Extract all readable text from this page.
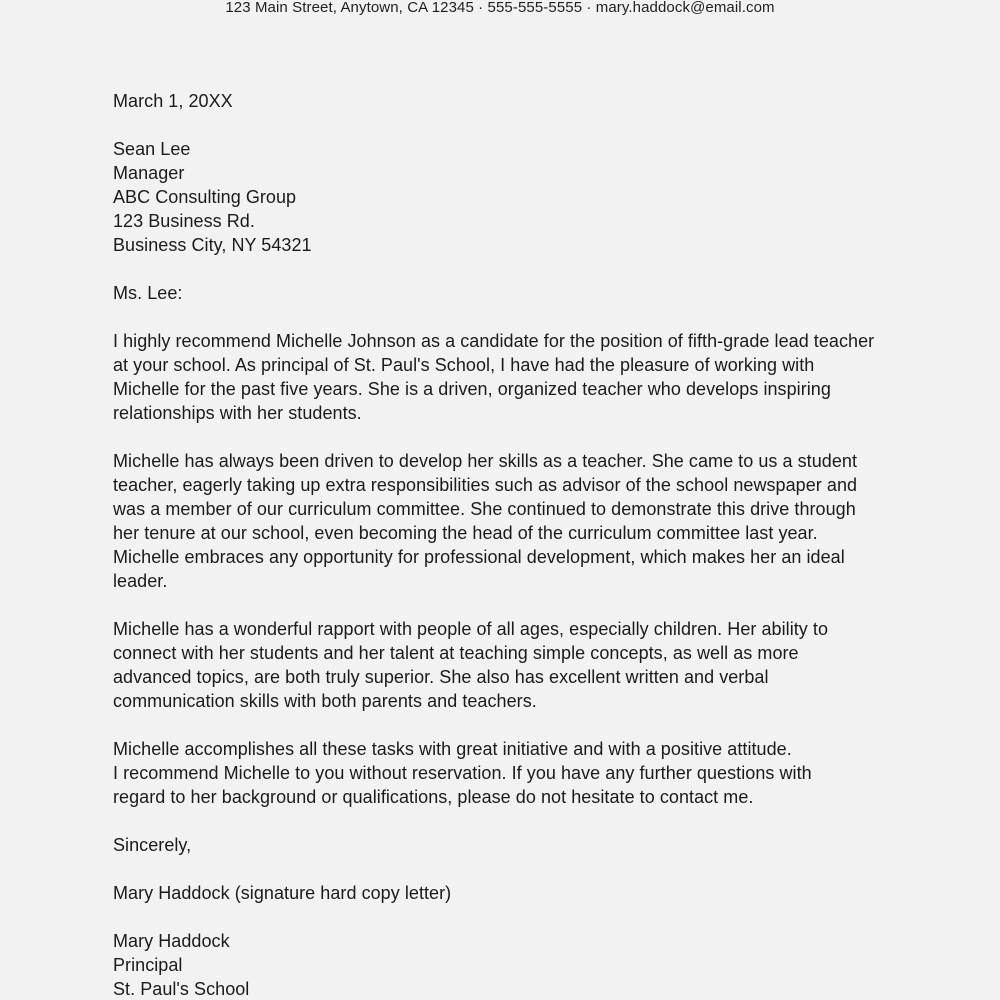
123 Main Street, Anytown, CA 12345 · 555-555-5555 · mary.haddock@email.com
March 1, 20XX
Sean Lee
Manager
ABC Consulting Group
123 Business Rd.
Business City, NY 54321
Ms. Lee:
I highly recommend Michelle Johnson as a candidate for the position of fifth-grade lead teacher
at your school. As principal of St. Paul's School, I have had the pleasure of working with
Michelle for the past five years. She is a driven, organized teacher who develops inspiring
relationships with her students.
Michelle has always been driven to develop her skills as a teacher. She came to us a student
teacher, eagerly taking up extra responsibilities such as advisor of the school newspaper and
was a member of our curriculum committee. She continued to demonstrate this drive through
her tenure at our school, even becoming the head of the curriculum committee last year.
Michelle embraces any opportunity for professional development, which makes her an ideal
leader.
Michelle has a wonderful rapport with people of all ages, especially children. Her ability to
connect with her students and her talent at teaching simple concepts, as well as more
advanced topics, are both truly superior. She also has excellent written and verbal
communication skills with both parents and teachers.
Michelle accomplishes all these tasks with great initiative and with a positive attitude.
I recommend Michelle to you without reservation. If you have any further questions with
regard to her background or qualifications, please do not hesitate to contact me.
Sincerely,
Mary Haddock (signature hard copy letter)
Mary Haddock
Principal
St. Paul's School
